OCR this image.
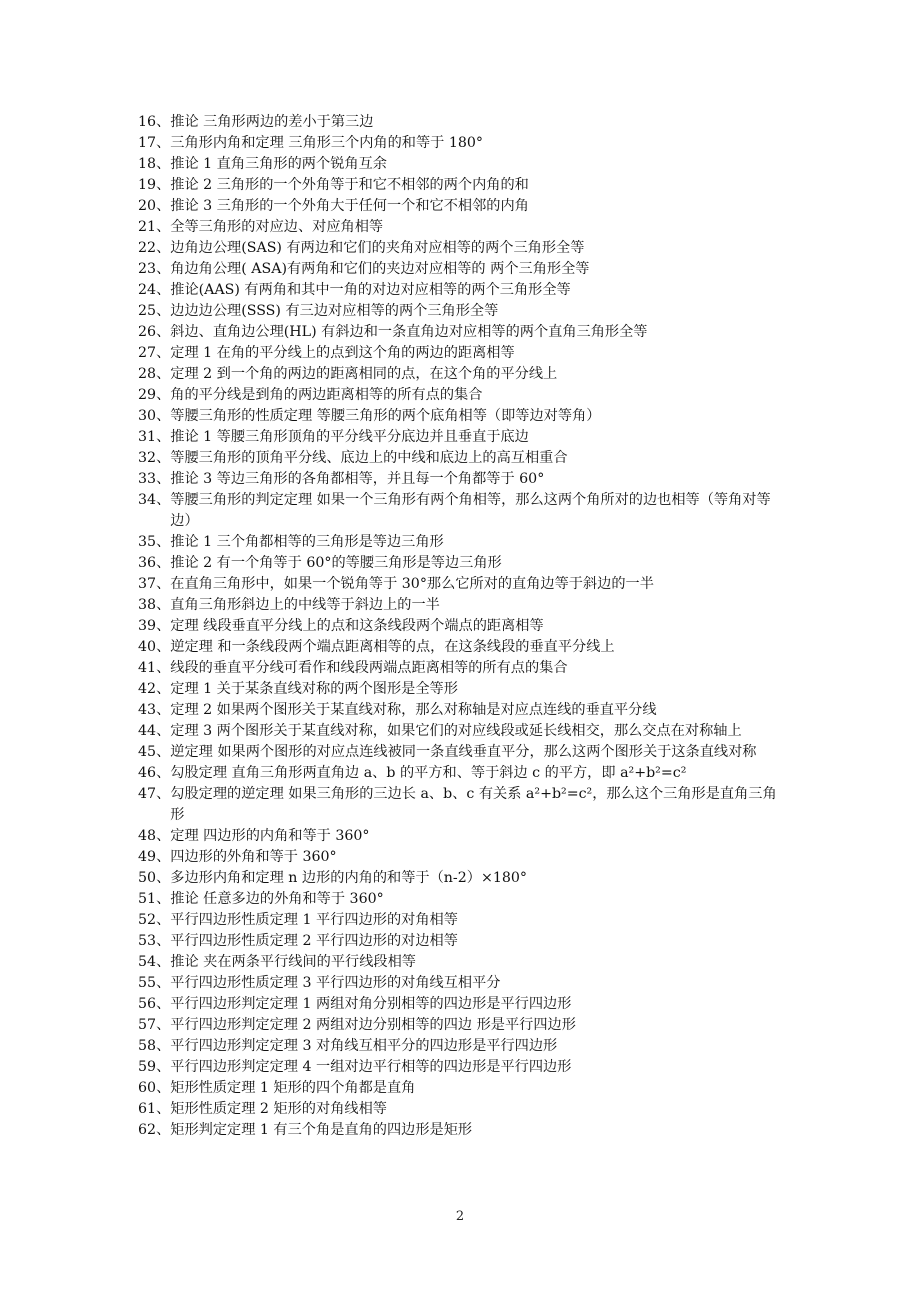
16 、 推论 三角形两边的差小于第三边
17 、 三角形内角和定理 三角形三个内角的和等于 180°
18 、 推论 1 直角三角形的两个锐角互余
19 、 推论 2 三角形的一个外角等于和它不相邻的两个内角的和
20 、 推论 3 三角形的一个外角大于任何一个和它不相邻的内角
21 、 全等三角形的对应边、对应角相等
22 、 边角边公理(SAS) 有两边和它们的夹角对应相等的两个三角形全等
23 、 角边角公理( ASA)有两角和它们的夹边对应相等的 两个三角形全等
24 、 推论(AAS) 有两角和其中一角的对边对应相等的两个三角形全等
25 、 边边边公理(SSS) 有三边对应相等的两个三角形全等
26 、 斜边、直角边公理(HL) 有斜边和一条直角边对应相等的两个直角三角形全等
27 、 定理 1 在角的平分线上的点到这个角的两边的距离相等
28 、 定理 2 到一个角的两边的距离相同的点，在这个角的平分线上
29 、 角的平分线是到角的两边距离相等的所有点的集合
30 、 等腰三角形的性质定理 等腰三角形的两个底角相等（即等边对等角）
31 、 推论 1 等腰三角形顶角的平分线平分底边并且垂直于底边
32 、 等腰三角形的顶角平分线、底边上的中线和底边上的高互相重合
33 、 推论 3 等边三角形的各角都相等，并且每一个角都等于 60°
34 、 等腰三角形的判定定理 如果一个三角形有两个角相等，那么这两个角所对的边也相等（等角对等边）
35 、 推论 1 三个角都相等的三角形是等边三角形
36 、 推论 2 有一个角等于 60°的等腰三角形是等边三角形
37 、 在直角三角形中，如果一个锐角等于 30°那么它所对的直角边等于斜边的一半
38 、 直角三角形斜边上的中线等于斜边上的一半
39 、 定理 线段垂直平分线上的点和这条线段两个端点的距离相等
40 、 逆定理 和一条线段两个端点距离相等的点，在这条线段的垂直平分线上
41 、 线段的垂直平分线可看作和线段两端点距离相等的所有点的集合
42 、 定理 1 关于某条直线对称的两个图形是全等形
43 、 定理 2 如果两个图形关于某直线对称，那么对称轴是对应点连线的垂直平分线
44 、 定理 3 两个图形关于某直线对称，如果它们的对应线段或延长线相交，那么交点在对称轴上
45 、 逆定理 如果两个图形的对应点连线被同一条直线垂直平分，那么这两个图形关于这条直线对称
46 、 勾股定理 直角三角形两直角边 a、b 的平方和、等于斜边 c 的平方，即 a²+b²=c²
47 、 勾股定理的逆定理 如果三角形的三边长 a、b、c 有关系 a²+b²=c²，那么这个三角形是直角三角形
48 、 定理 四边形的内角和等于 360°
49 、 四边形的外角和等于 360°
50 、 多边形内角和定理 n 边形的内角的和等于（n-2）×180°
51 、 推论 任意多边的外角和等于 360°
52 、 平行四边形性质定理 1 平行四边形的对角相等
53 、 平行四边形性质定理 2 平行四边形的对边相等
54 、 推论 夹在两条平行线间的平行线段相等
55 、 平行四边形性质定理 3 平行四边形的对角线互相平分
56 、 平行四边形判定定理 1 两组对角分别相等的四边形是平行四边形
57 、 平行四边形判定定理 2 两组对边分别相等的四边 形是平行四边形
58 、 平行四边形判定定理 3 对角线互相平分的四边形是平行四边形
59 、 平行四边形判定定理 4 一组对边平行相等的四边形是平行四边形
60 、 矩形性质定理 1 矩形的四个角都是直角
61 、 矩形性质定理 2 矩形的对角线相等
62 、 矩形判定定理 1 有三个角是直角的四边形是矩形
2
